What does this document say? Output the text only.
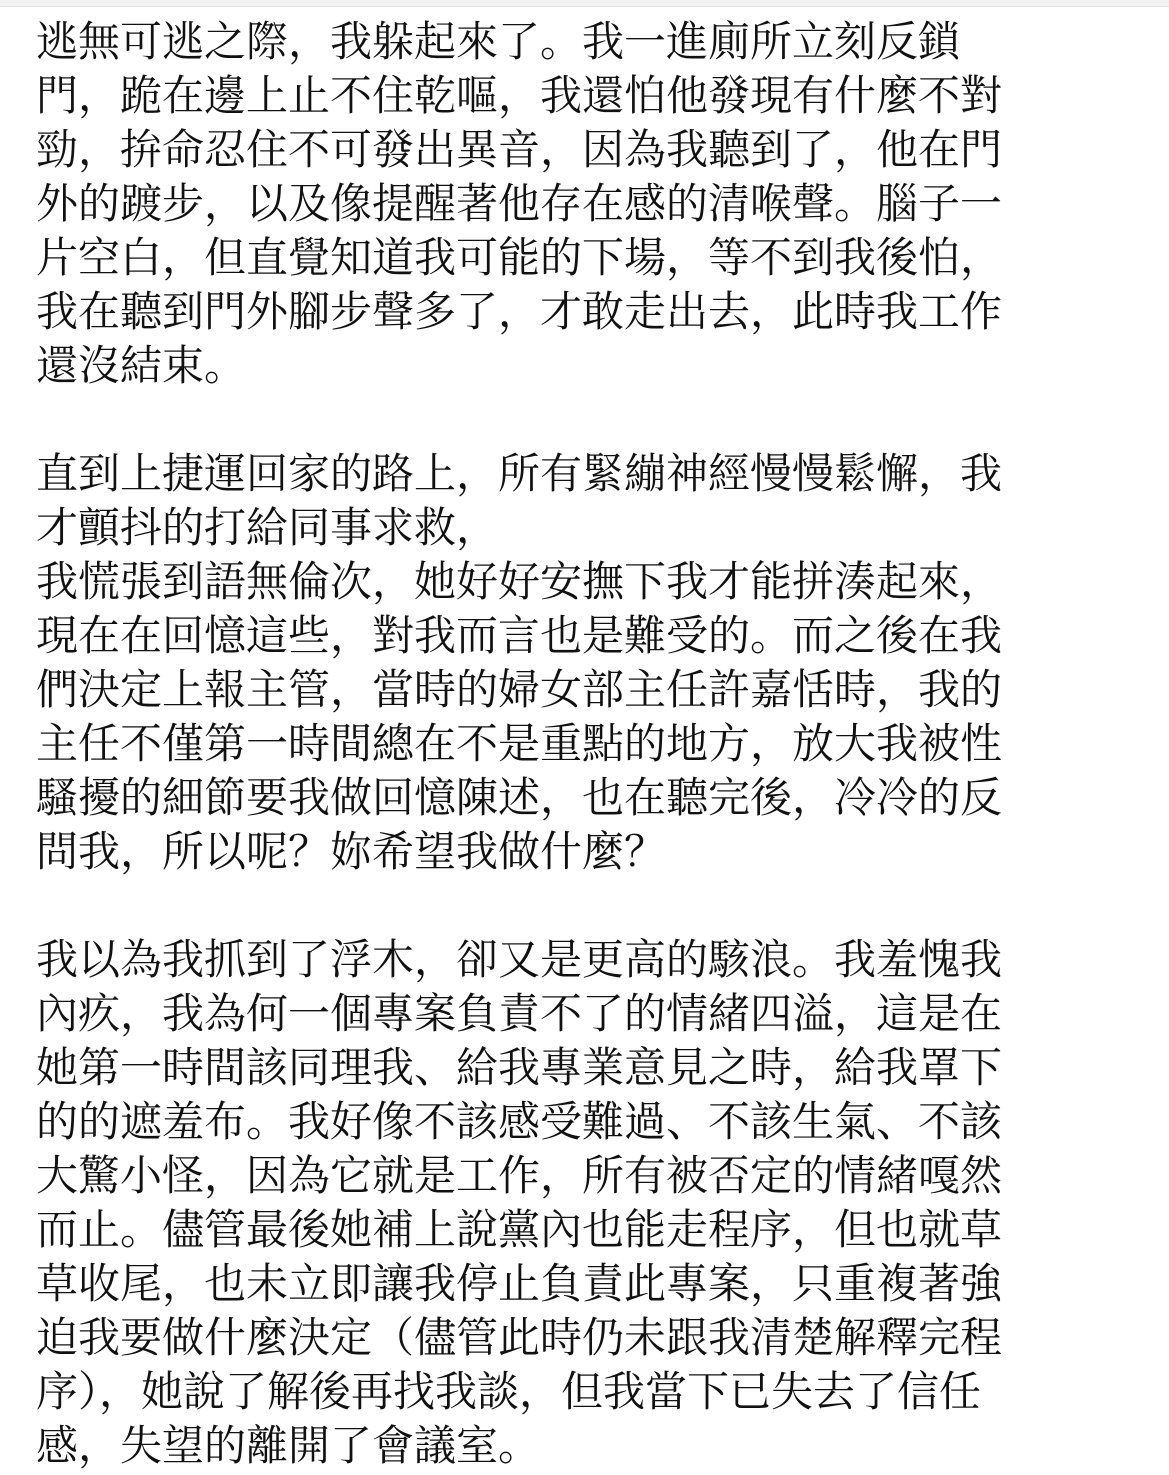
逃無可逃之際，我躲起來了。我一進廁所立刻反鎖
門，跪在邊上止不住乾嘔，我還怕他發現有什麼不對
勁，拚命忍住不可發出異音，因為我聽到了，他在門
外的踱步，以及像提醒著他存在感的清喉聲。腦子一
片空白，但直覺知道我可能的下場，等不到我後怕，
我在聽到門外腳步聲多了，才敢走出去，此時我工作
還沒結束。
直到上捷運回家的路上，所有緊繃神經慢慢鬆懈，我
才顫抖的打給同事求救，
我慌張到語無倫次，她好好安撫下我才能拼湊起來，
現在在回憶這些，對我而言也是難受的。而之後在我
們決定上報主管，當時的婦女部主任許嘉恬時，我的
主任不僅第一時間總在不是重點的地方，放大我被性
騷擾的細節要我做回憶陳述，也在聽完後，冷冷的反
問我，所以呢？妳希望我做什麼？
我以為我抓到了浮木，卻又是更高的駭浪。我羞愧我
內疚，我為何一個專案負責不了的情緒四溢，這是在
她第一時間該同理我、給我專業意見之時，給我罩下
的的遮羞布。我好像不該感受難過、不該生氣、不該
大驚小怪，因為它就是工作，所有被否定的情緒嘎然
而止。儘管最後她補上說黨內也能走程序，但也就草
草收尾，也未立即讓我停止負責此專案，只重複著強
迫我要做什麼決定（儘管此時仍未跟我清楚解釋完程
序），她說了解後再找我談，但我當下已失去了信任
感，失望的離開了會議室。
